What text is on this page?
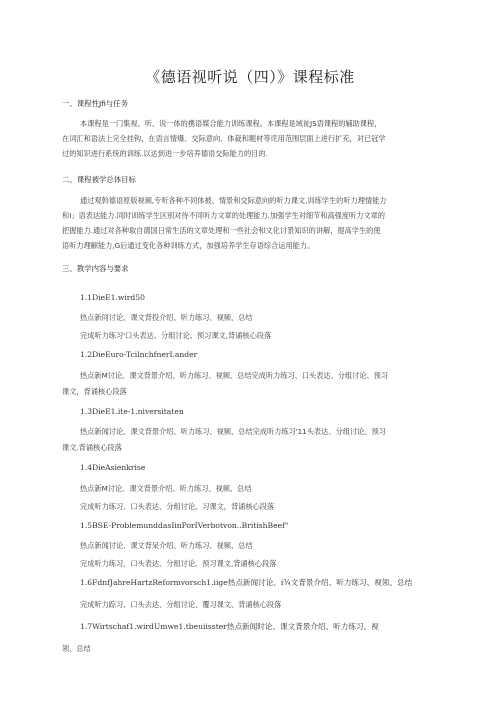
《德语视听说（四）》课程标准
一、课程性Jfi与任务
本课程是一门集视、听、说一体的携语媒合能力训练课程。本课程是域祉JS语课程的辅助课程，
在词汇和语法上完全挂钩，在语言情爆、交际意向、体裁和题材等诧用范围层面上进行扩充，对已冠学
过的知识进行系统的训练.以达到进一步培养德语交际能力的目的.
二、课程被学总体目标
通过观斡德语原版视频,专听各种不同体被、情景和交际意向的听力课文,训练学生的听力理情能力
和I」语表达能力.同时训练学生区别对待不同听力文章的处理能力.加强学生对细节和高强度听力文章的
把握能力.通过对各种取自德国日常生活的文章处理和一些社会和文化讨景知识的讲解，提高学生的使
语听力理解能力,G后通过变化各种训练方式，加强培养学生存语综合运用能力。
三、教学内容与要求
1.1DieE1.wird50
热点新同讨论、课文背投介绍、听力练习、视频、总结
完成听力练习'口头表达、分组讨论、预习课文,背诵核心段落
1.2DieEuro-TcilnchfnerI.ander
热点新M讨论、课文背景介绍、听力练习、视频、总结完成听力练习、口头表达、分组讨论、预习
课文，背诵核心段落
1.3DieE1.ite-1.niversitaten
热点新闻讨论、课文背景介绍、听力练习、视频、总结完成听力练习'11头表达、分组讨论、预习
课文.背诵核心段落
1.4DieAsienkrise
热点新M讨论、课文背景介绍、听力练习、视频、总结
完成听力练习、口头表达、分组讨论、习课文，背诵核心段落
1.5BSE-ProblemunddasIinPorIVerbotvon..BritishBeef"
热点新闻讨论、课文背呆介绍、听力练习、视频、总结
完成听力练习、口头表达、分组讨论、预习课文,背诵核心段落
1.6FdnfJahreHartzReformvorsch1.iige热点新闻讨论、i¾文背景介绍、听力练习、视领、总结
完成听力踪习、口头去达、分组讨论、覆习课文，背诵核心段落
1.7Wirtschaf1.wirdUmwe1.tbeuiisster热点新闻时论、课文背景介绍、听力练习、视
领、总结
